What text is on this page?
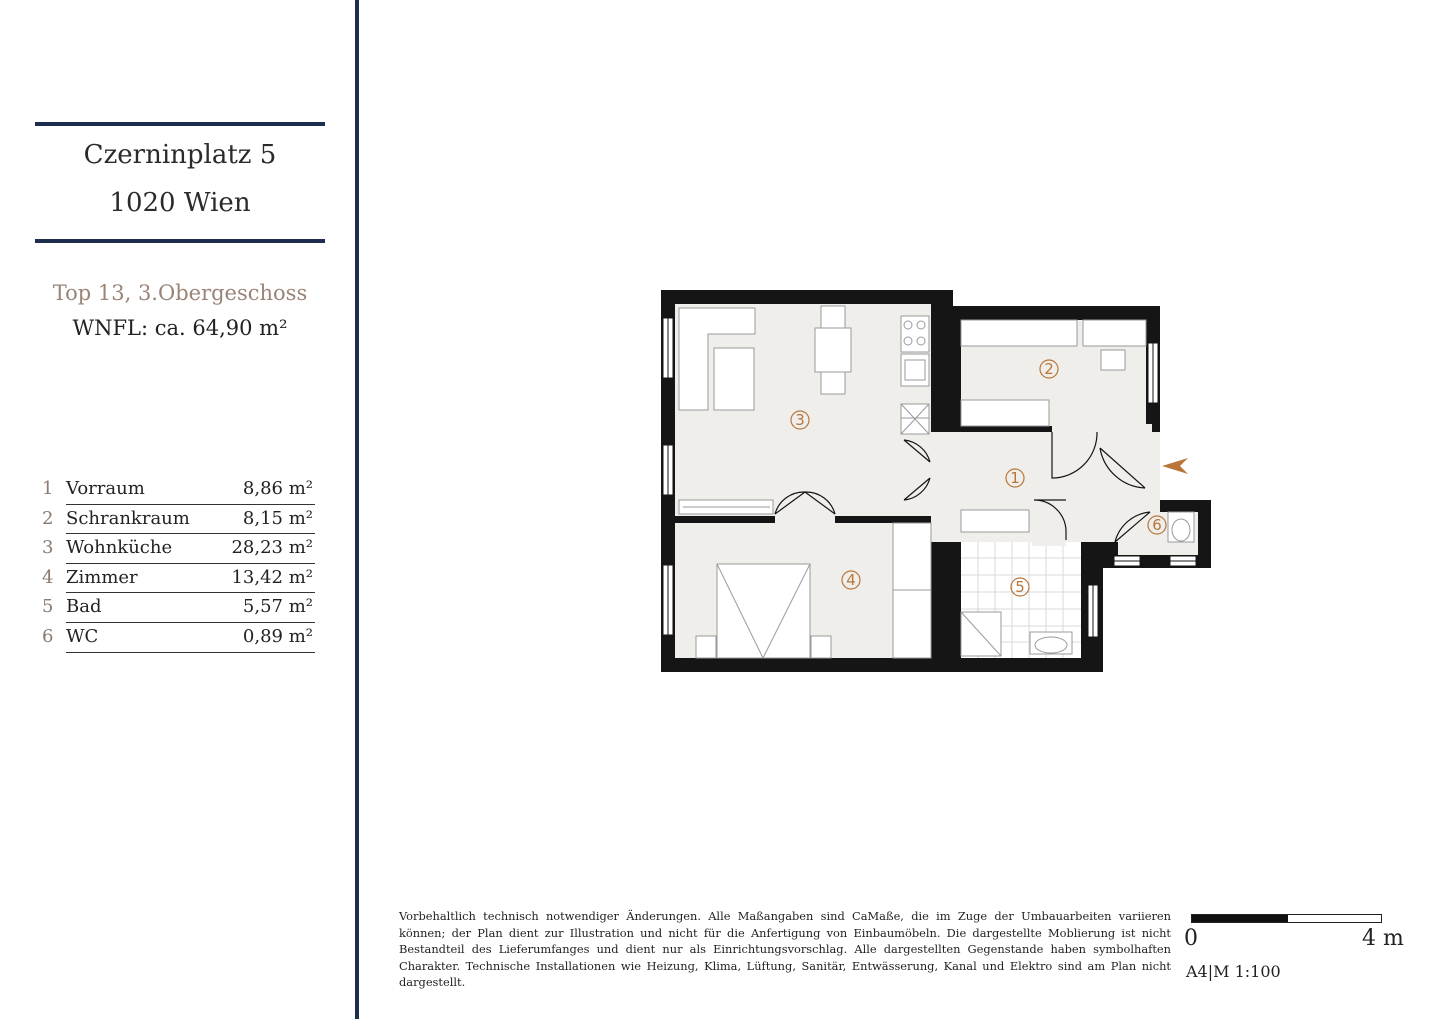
Czerninplatz 5
1020 Wien
Top 13, 3.Obergeschoss
WNFL: ca. 64,90 m²
1 Vorraum	8,86 m²
2 Schrankraum	8,15 m²
3 Wohnküche	28,23 m²
4 Zimmer	13,42 m²
5 Bad	5,57 m²
6 WC	0,89 m²
1
2
3
4	5
6
Vorbehaltlich technisch notwendiger Änderungen. Alle Maßangaben sind CaMaße, die im Zuge der Umbauarbeiten variieren können; der Plan dient zur Illustration und nicht für die Anfertigung von Einbaumöbeln. Die dargestellte Moblierung ist nicht Bestandteil des Lieferumfanges und dient nur als Einrichtungsvorschlag. Alle dargestellten Gegenstande haben symbolhaften Charakter. Technische Installationen wie Heizung, Klima, Lüftung, Sanitär, Entwässerung, Kanal und Elektro sind am Plan nicht dargestellt.
0	4 m
A4|M 1:100
